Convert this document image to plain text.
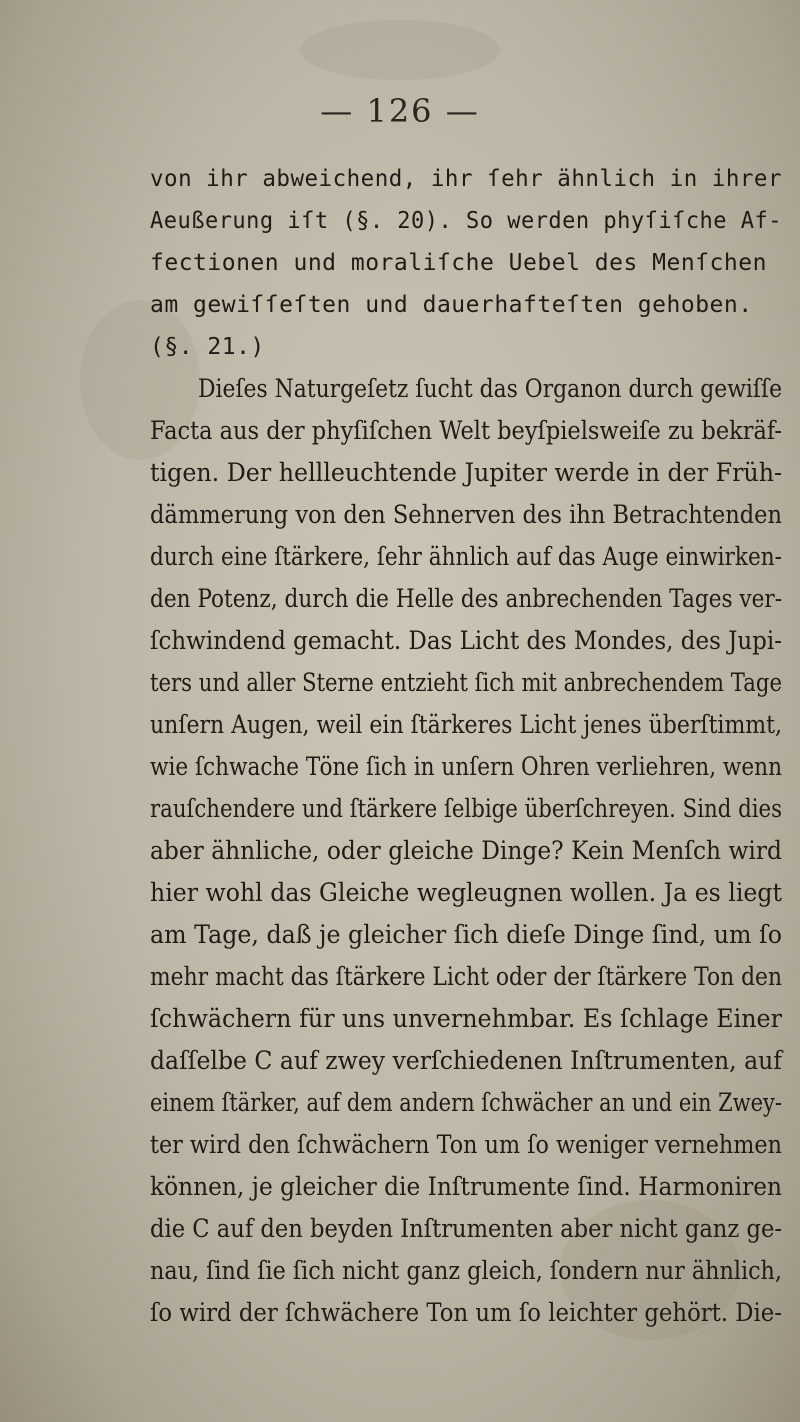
— 126 —
von ihr abweichend, ihr ſehr ähnlich in ihrer
Aeußerung iſt (§. 20). So werden phyſiſche Af-
fectionen und moraliſche Uebel des Menſchen
am gewiſſeſten und dauerhafteſten gehoben.
(§. 21.)
Dieſes Naturgeſetz ſucht das Organon durch gewiſſe
Facta aus der phyſiſchen Welt beyſpielsweiſe zu bekräf-
tigen. Der hellleuchtende Jupiter werde in der Früh-
dämmerung von den Sehnerven des ihn Betrachtenden
durch eine ſtärkere, ſehr ähnlich auf das Auge einwirken-
den Potenz, durch die Helle des anbrechenden Tages ver-
ſchwindend gemacht. Das Licht des Mondes, des Jupi-
ters und aller Sterne entzieht ſich mit anbrechendem Tage
unſern Augen, weil ein ſtärkeres Licht jenes überſtimmt,
wie ſchwache Töne ſich in unſern Ohren verliehren, wenn
rauſchendere und ſtärkere ſelbige überſchreyen. Sind dies
aber ähnliche, oder gleiche Dinge? Kein Menſch wird
hier wohl das Gleiche wegleugnen wollen. Ja es liegt
am Tage, daß je gleicher ſich dieſe Dinge ſind, um ſo
mehr macht das ſtärkere Licht oder der ſtärkere Ton den
ſchwächern für uns unvernehmbar. Es ſchlage Einer
daſſelbe C auf zwey verſchiedenen Inſtrumenten, auf
einem ſtärker, auf dem andern ſchwächer an und ein Zwey-
ter wird den ſchwächern Ton um ſo weniger vernehmen
können, je gleicher die Inſtrumente ſind. Harmoniren
die C auf den beyden Inſtrumenten aber nicht ganz ge-
nau, ſind ſie ſich nicht ganz gleich, ſondern nur ähnlich,
ſo wird der ſchwächere Ton um ſo leichter gehört. Die-
